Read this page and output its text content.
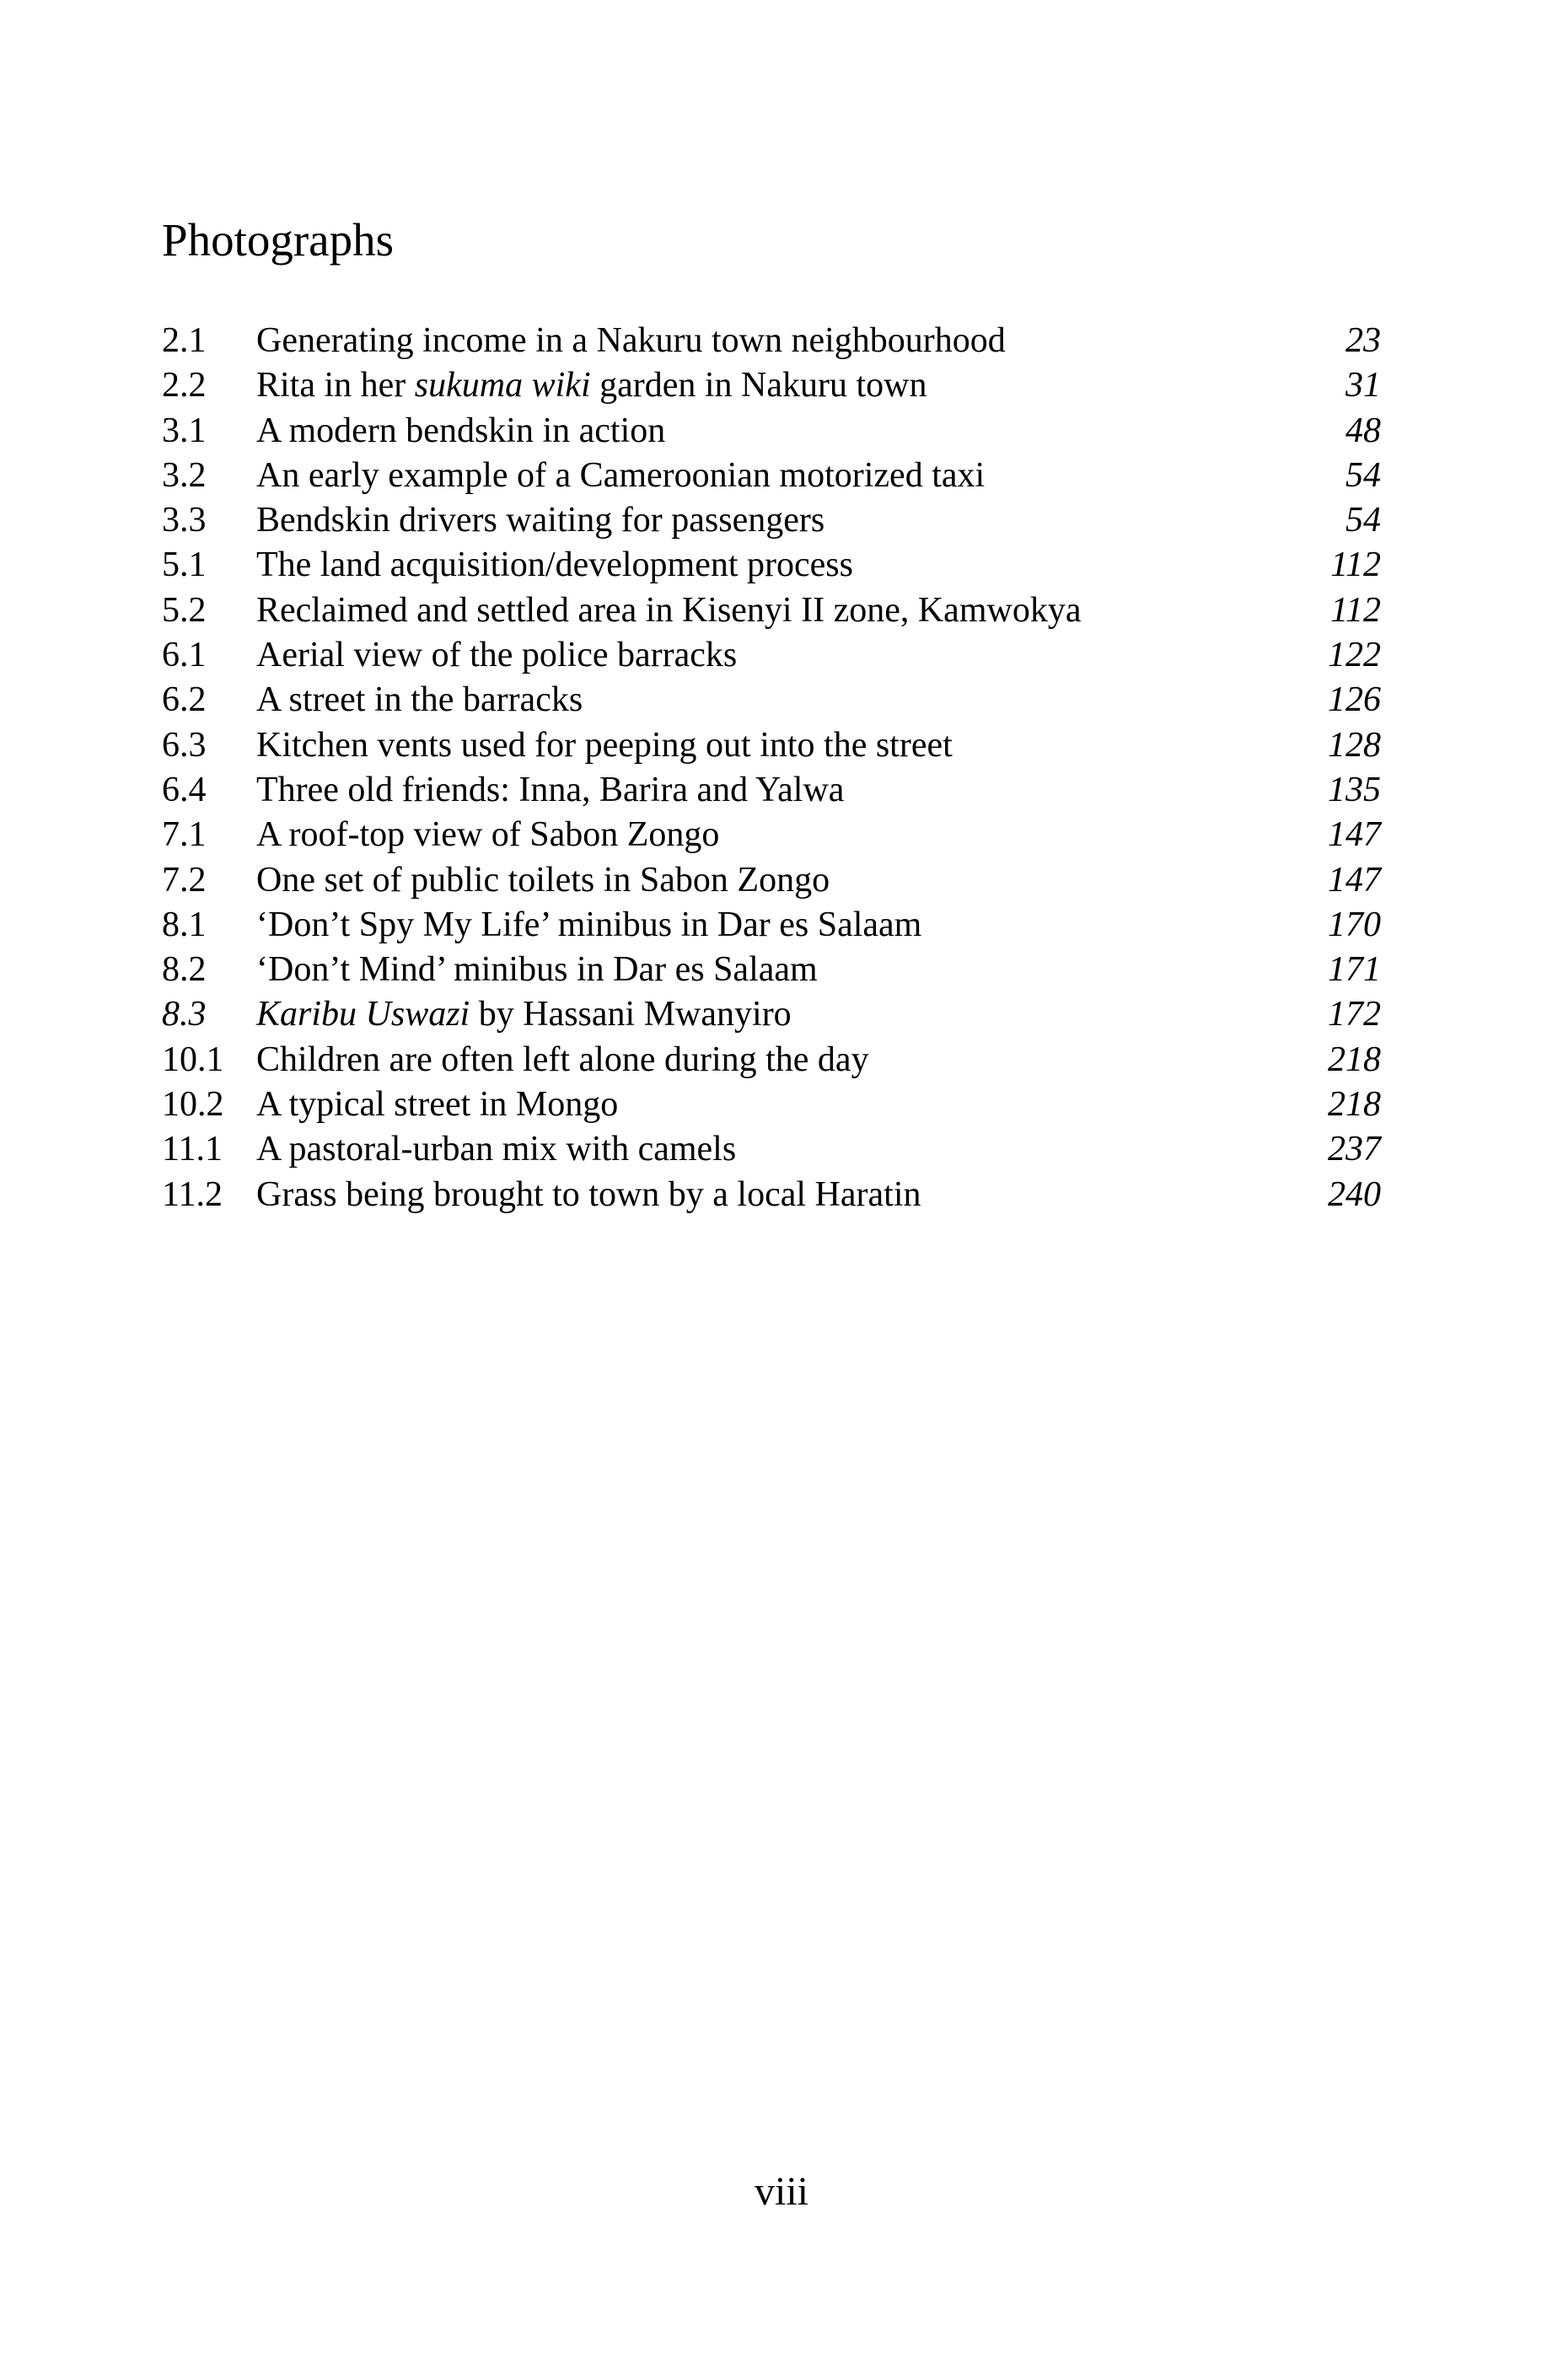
Photographs
2.1 Generating income in a Nakuru town neighbourhood	23
2.2 Rita in her sukuma wiki garden in Nakuru town	31
3.1 A modern bendskin in action	48
3.2 An early example of a Cameroonian motorized taxi	54
3.3 Bendskin drivers waiting for passengers	54
5.1 The land acquisition/development process	112
5.2 Reclaimed and settled area in Kisenyi II zone, Kamwokya	112
6.1 Aerial view of the police barracks	122
6.2 A street in the barracks	126
6.3 Kitchen vents used for peeping out into the street	128
6.4 Three old friends: Inna, Barira and Yalwa	135
7.1 A roof-top view of Sabon Zongo	147
7.2 One set of public toilets in Sabon Zongo	147
8.1 ‘Don’t Spy My Life’ minibus in Dar es Salaam	170
8.2 ‘Don’t Mind’ minibus in Dar es Salaam	171
8.3 Karibu Uswazi by Hassani Mwanyiro	172
10.1 Children are often left alone during the day	218
10.2 A typical street in Mongo	218
11.1 A pastoral-urban mix with camels	237
11.2 Grass being brought to town by a local Haratin	240
viii
